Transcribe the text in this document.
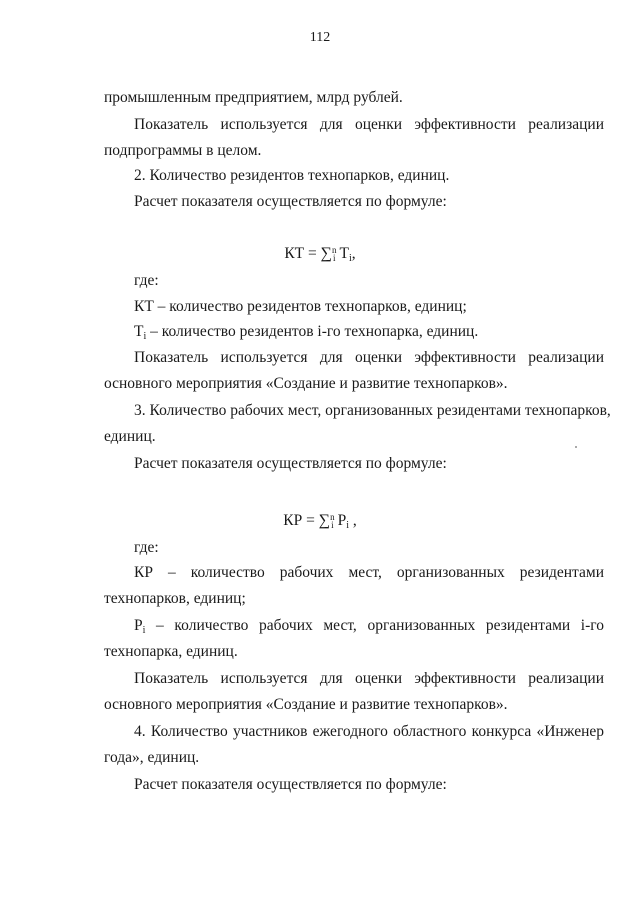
112
промышленным предприятием, млрд рублей.
Показатель используется для оценки эффективности реализации
подпрограммы в целом.
2. Количество резидентов технопарков, единиц.
Расчет показателя осуществляется по формуле:
КТ = ∑ n
i $T_i$,
где:
КТ – количество резидентов технопарков, единиц;
$T_i$ – количество резидентов i-го технопарка, единиц.
Показатель используется для оценки эффективности реализации
основного мероприятия «Создание и развитие технопарков».
3. Количество рабочих мест, организованных резидентами технопарков,
единиц.
Расчет показателя осуществляется по формуле:
КР = ∑ n
i $P_i$ ,
где:
КР – количество рабочих мест, организованных резидентами
технопарков, единиц;
$P_i$ – количество рабочих мест, организованных резидентами i-го
технопарка, единиц.
Показатель используется для оценки эффективности реализации
основного мероприятия «Создание и развитие технопарков».
4. Количество участников ежегодного областного конкурса «Инженер
года», единиц.
Расчет показателя осуществляется по формуле:
